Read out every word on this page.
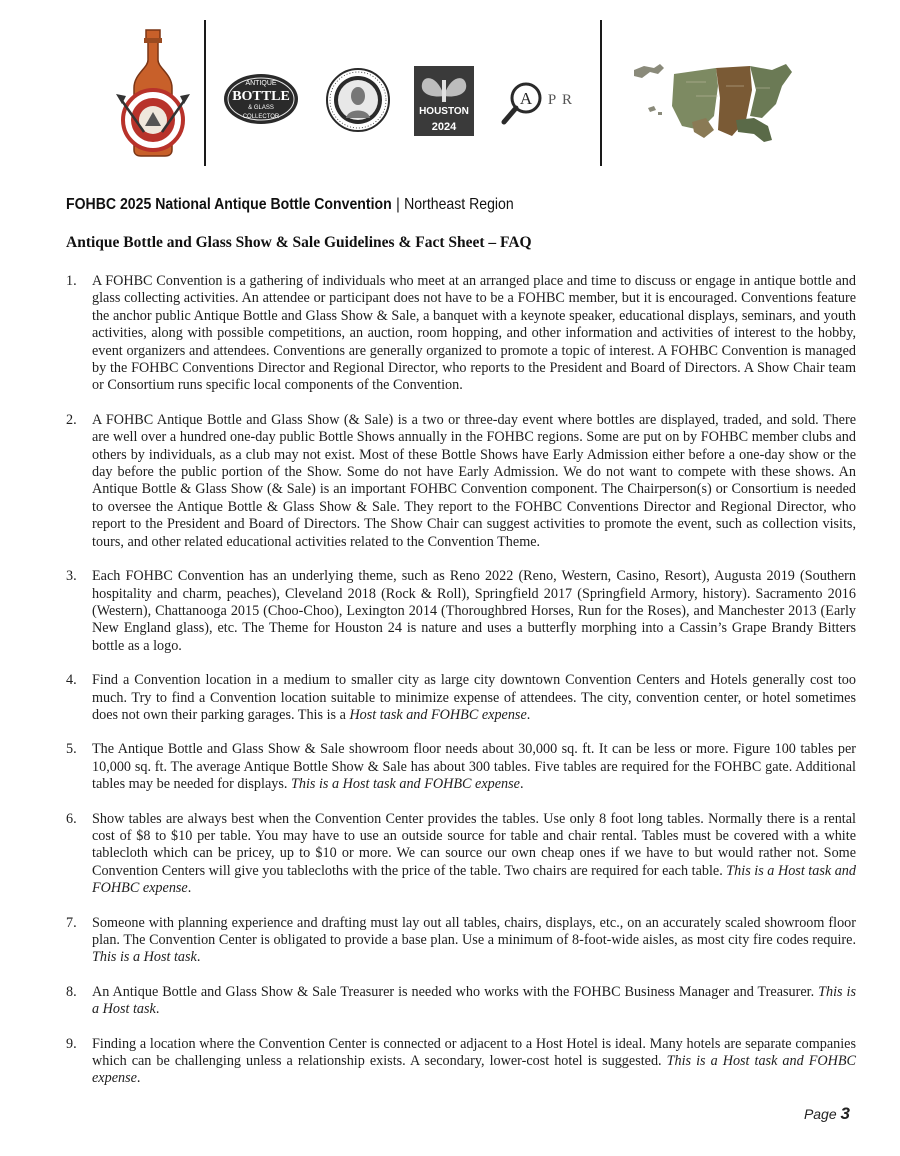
ANTIQUE
BOTTLE
& GLASS
COLLECTOR	HOUSTON
2024
A P R
FOHBC 2025 National Antique Bottle Convention | Northeast Region
Antique Bottle and Glass Show & Sale Guidelines & Fact Sheet – FAQ
1. A FOHBC Convention is a gathering of individuals who meet at an arranged place and time to discuss or engage in antique bottle and glass collecting activities. An attendee or participant does not have to be a FOHBC member, but it is encouraged. Conventions feature the anchor public Antique Bottle and Glass Show & Sale, a banquet with a keynote speaker, educational displays, seminars, and youth activities, along with possible competitions, an auction, room hopping, and other information and activities of interest to the hobby, event organizers and attendees. Conventions are generally organized to promote a topic of interest. A FOHBC Convention is managed by the FOHBC Conventions Director and Regional Director, who reports to the President and Board of Directors. A Show Chair team or Consortium runs specific local components of the Convention.
2. A FOHBC Antique Bottle and Glass Show (& Sale) is a two or three-day event where bottles are displayed, traded, and sold. There are well over a hundred one-day public Bottle Shows annually in the FOHBC regions. Some are put on by FOHBC member clubs and others by individuals, as a club may not exist. Most of these Bottle Shows have Early Admission either before a one-day show or the day before the public portion of the Show. Some do not have Early Admission. We do not want to compete with these shows. An Antique Bottle & Glass Show (& Sale) is an important FOHBC Convention component. The Chairperson(s) or Consortium is needed to oversee the Antique Bottle & Glass Show & Sale. They report to the FOHBC Conventions Director and Regional Director, who report to the President and Board of Directors. The Show Chair can suggest activities to promote the event, such as collection visits, tours, and other related educational activities related to the Convention Theme.
3. Each FOHBC Convention has an underlying theme, such as Reno 2022 (Reno, Western, Casino, Resort), Augusta 2019 (Southern hospitality and charm, peaches), Cleveland 2018 (Rock & Roll), Springfield 2017 (Springfield Armory, history). Sacramento 2016 (Western), Chattanooga 2015 (Choo-Choo), Lexington 2014 (Thoroughbred Horses, Run for the Roses), and Manchester 2013 (Early New England glass), etc. The Theme for Houston 24 is nature and uses a butterfly morphing into a Cassin’s Grape Brandy Bitters bottle as a logo.
4. Find a Convention location in a medium to smaller city as large city downtown Convention Centers and Hotels generally cost too much. Try to find a Convention location suitable to minimize expense of attendees. The city, convention center, or hotel sometimes does not own their parking garages. This is a Host task and FOHBC expense.
5. The Antique Bottle and Glass Show & Sale showroom floor needs about 30,000 sq. ft. It can be less or more. Figure 100 tables per 10,000 sq. ft. The average Antique Bottle Show & Sale has about 300 tables. Five tables are required for the FOHBC gate. Additional tables may be needed for displays. This is a Host task and FOHBC expense.
6. Show tables are always best when the Convention Center provides the tables. Use only 8 foot long tables. Normally there is a rental cost of $8 to $10 per table. You may have to use an outside source for table and chair rental. Tables must be covered with a white tablecloth which can be pricey, up to $10 or more. We can source our own cheap ones if we have to but would rather not. Some Convention Centers will give you tablecloths with the price of the table. Two chairs are required for each table. This is a Host task and FOHBC expense.
7. Someone with planning experience and drafting must lay out all tables, chairs, displays, etc., on an accurately scaled showroom floor plan. The Convention Center is obligated to provide a base plan. Use a minimum of 8-foot-wide aisles, as most city fire codes require. This is a Host task.
8. An Antique Bottle and Glass Show & Sale Treasurer is needed who works with the FOHBC Business Manager and Treasurer. This is a Host task.
9. Finding a location where the Convention Center is connected or adjacent to a Host Hotel is ideal. Many hotels are separate companies which can be challenging unless a relationship exists. A secondary, lower-cost hotel is suggested. This is a Host task and FOHBC expense.
Page 3
